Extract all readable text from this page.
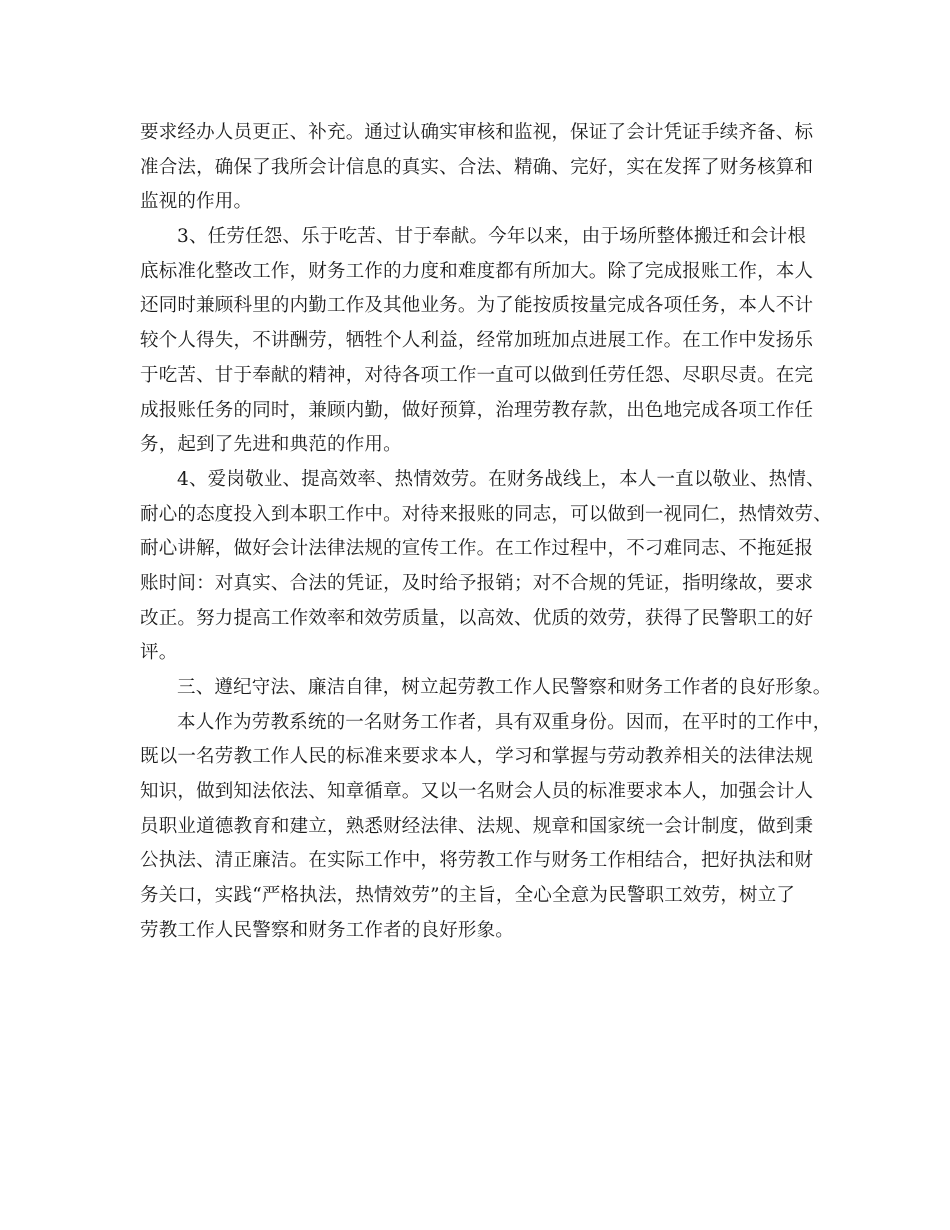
要求经办人员更正、补充。通过认确实审核和监视，保证了会计凭证手续齐备、标
准合法，确保了我所会计信息的真实、合法、精确、完好，实在发挥了财务核算和
监视的作用。
3、任劳任怨、乐于吃苦、甘于奉献。今年以来，由于场所整体搬迁和会计根
底标准化整改工作，财务工作的力度和难度都有所加大。除了完成报账工作，本人
还同时兼顾科里的内勤工作及其他业务。为了能按质按量完成各项任务，本人不计
较个人得失，不讲酬劳，牺牲个人利益，经常加班加点进展工作。在工作中发扬乐
于吃苦、甘于奉献的精神，对待各项工作一直可以做到任劳任怨、尽职尽责。在完
成报账任务的同时，兼顾内勤，做好预算，治理劳教存款，出色地完成各项工作任
务，起到了先进和典范的作用。
4、爱岗敬业、提高效率、热情效劳。在财务战线上，本人一直以敬业、热情、
耐心的态度投入到本职工作中。对待来报账的同志，可以做到一视同仁，热情效劳、
耐心讲解，做好会计法律法规的宣传工作。在工作过程中，不刁难同志、不拖延报
账时间：对真实、合法的凭证，及时给予报销；对不合规的凭证，指明缘故，要求
改正。努力提高工作效率和效劳质量，以高效、优质的效劳，获得了民警职工的好
评。
三、遵纪守法、廉洁自律，树立起劳教工作人民警察和财务工作者的良好形象。
本人作为劳教系统的一名财务工作者，具有双重身份。因而，在平时的工作中，
既以一名劳教工作人民的标准来要求本人，学习和掌握与劳动教养相关的法律法规
知识，做到知法依法、知章循章。又以一名财会人员的标准要求本人，加强会计人
员职业道德教育和建立，熟悉财经法律、法规、规章和国家统一会计制度，做到秉
公执法、清正廉洁。在实际工作中，将劳教工作与财务工作相结合，把好执法和财
务关口，实践“严格执法，热情效劳”的主旨，全心全意为民警职工效劳，树立了
劳教工作人民警察和财务工作者的良好形象。
